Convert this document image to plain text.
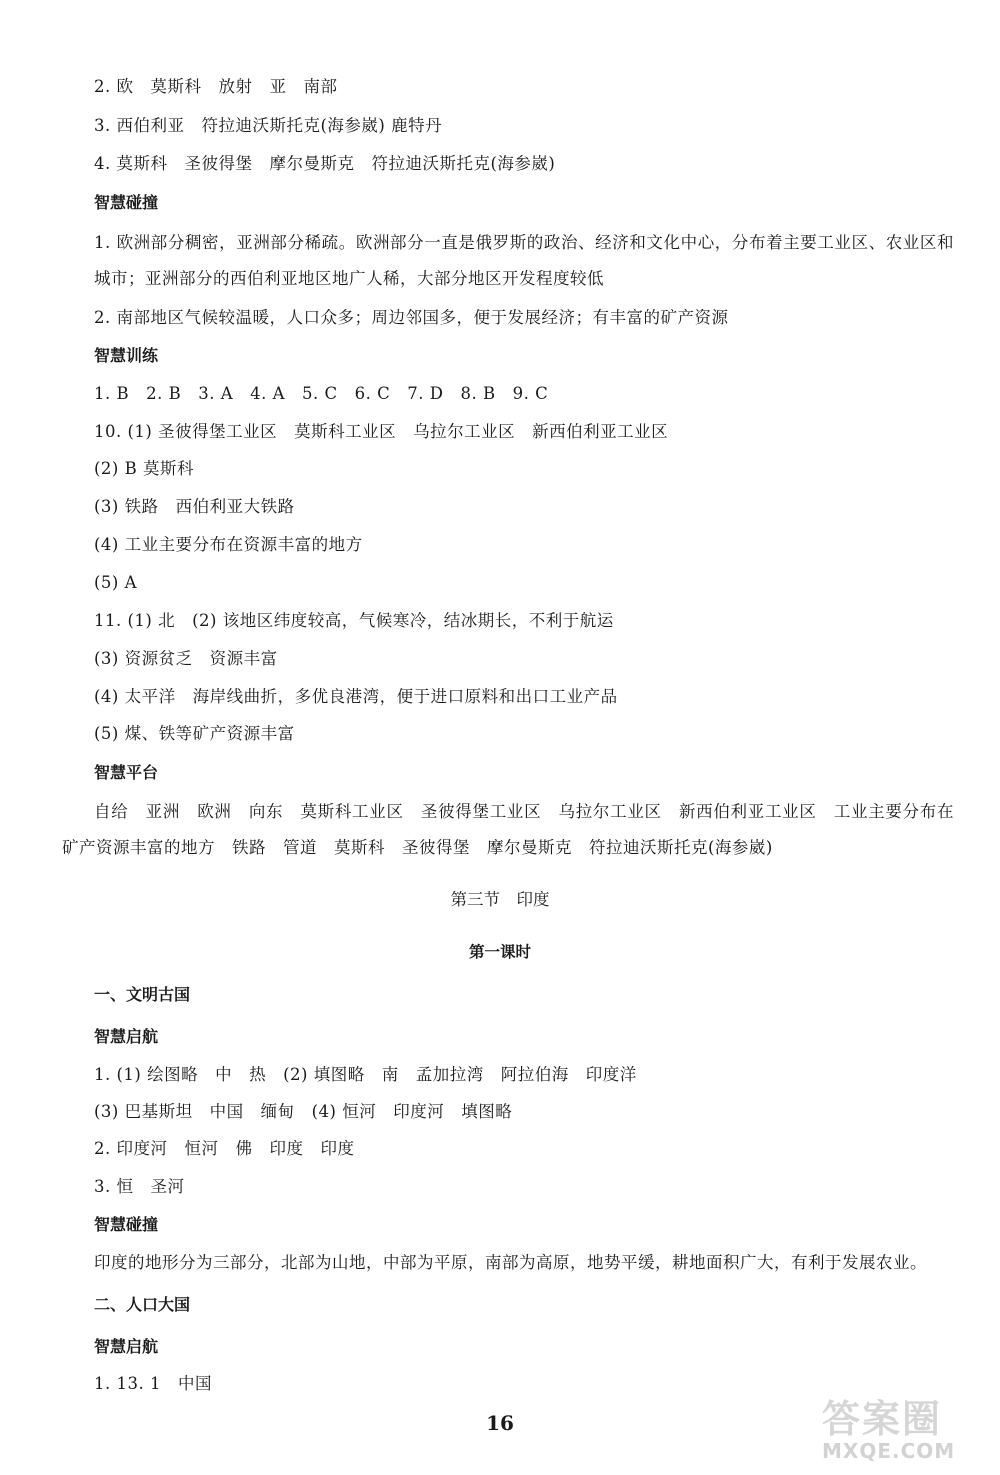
2. 欧　莫斯科　放射　亚　南部
3. 西伯利亚　符拉迪沃斯托克(海参崴) 鹿特丹
4. 莫斯科　圣彼得堡　摩尔曼斯克　符拉迪沃斯托克(海参崴)
智慧碰撞
1. 欧洲部分稠密，亚洲部分稀疏。欧洲部分一直是俄罗斯的政治、经济和文化中心，分布着主要工业区、农业区和城市；亚洲部分的西伯利亚地区地广人稀，大部分地区开发程度较低
2. 南部地区气候较温暖，人口众多；周边邻国多，便于发展经济；有丰富的矿产资源
智慧训练
1. B　2. B　3. A　4. A　5. C　6. C　7. D　8. B　9. C
10. (1) 圣彼得堡工业区　莫斯科工业区　乌拉尔工业区　新西伯利亚工业区
(2) B 莫斯科
(3) 铁路　西伯利亚大铁路
(4) 工业主要分布在资源丰富的地方
(5) A
11. (1) 北　(2) 该地区纬度较高，气候寒冷，结冰期长，不利于航运
(3) 资源贫乏　资源丰富
(4) 太平洋　海岸线曲折，多优良港湾，便于进口原料和出口工业产品
(5) 煤、铁等矿产资源丰富
智慧平台
自给　亚洲　欧洲　向东　莫斯科工业区　圣彼得堡工业区　乌拉尔工业区　新西伯利亚工业区　工业主要分布在矿产资源丰富的地方　铁路　管道　莫斯科　圣彼得堡　摩尔曼斯克　符拉迪沃斯托克(海参崴)
第三节　印度
第一课时
一、文明古国
智慧启航
1. (1) 绘图略　中　热　(2) 填图略　南　孟加拉湾　阿拉伯海　印度洋
(3) 巴基斯坦　中国　缅甸　(4) 恒河　印度河　填图略
2. 印度河　恒河　佛　印度　印度
3. 恒　圣河
智慧碰撞
印度的地形分为三部分，北部为山地，中部为平原，南部为高原，地势平缓，耕地面积广大，有利于发展农业。
二、人口大国
智慧启航
1. 13. 1　中国
16	答案圈
MXQE.COM
